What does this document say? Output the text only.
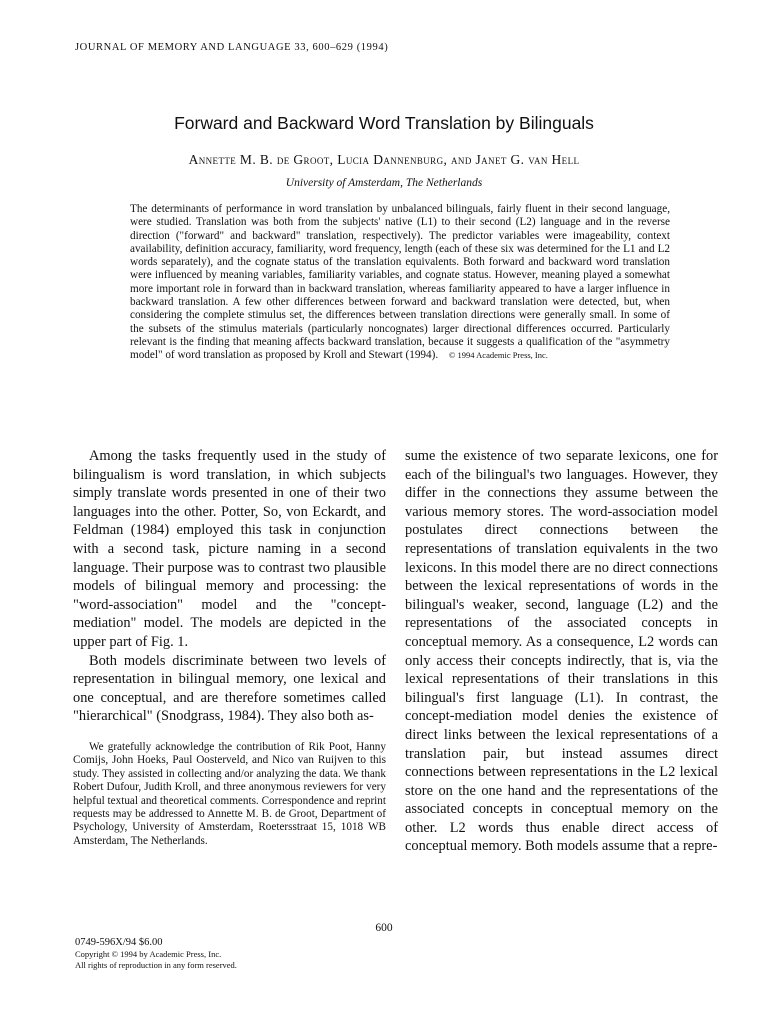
JOURNAL OF MEMORY AND LANGUAGE 33, 600–629 (1994)
Forward and Backward Word Translation by Bilinguals
Annette M. B. de Groot, Lucia Dannenburg, and Janet G. van Hell
University of Amsterdam, The Netherlands

The determinants of performance in word translation by unbalanced bilinguals, fairly fluent in their second language, were studied. Translation was both from the subjects' native (L1) to their second (L2) language and in the reverse direction ("forward" and backward" translation, respectively). The predictor variables were imageability, context availability, definition accuracy, familiarity, word frequency, length (each of these six was determined for the L1 and L2 words separately), and the cognate status of the translation equivalents. Both forward and backward word translation were influenced by meaning variables, familiarity variables, and cognate status. However, meaning played a somewhat more important role in forward than in backward translation, whereas familiarity appeared to have a larger influence in backward translation. A few other differences between forward and backward translation were detected, but, when considering the complete stimulus set, the differences between translation directions were generally small. In some of the subsets of the stimulus materials (particularly noncognates) larger directional differences occurred. Particularly relevant is the finding that meaning affects backward translation, because it suggests a qualification of the "asymmetry model" of word translation as proposed by Kroll and Stewart (1994). © 1994 Academic Press, Inc.

Among the tasks frequently used in the study of bilingualism is word translation, in which subjects simply translate words presented in one of their two languages into the other. Potter, So, von Eckardt, and Feldman (1984) employed this task in conjunction with a second task, picture naming in a second language. Their purpose was to contrast two plausible models of bilingual memory and processing: the "word-association" model and the "concept-mediation" model. The models are depicted in the upper part of Fig. 1.

Both models discriminate between two levels of representation in bilingual memory, one lexical and one conceptual, and are therefore sometimes called "hierarchical" (Snodgrass, 1984). They also both as-

We gratefully acknowledge the contribution of Rik Poot, Hanny Comijs, John Hoeks, Paul Oosterveld, and Nico van Ruijven to this study. They assisted in collecting and/or analyzing the data. We thank Robert Dufour, Judith Kroll, and three anonymous reviewers for very helpful textual and theoretical comments. Correspondence and reprint requests may be addressed to Annette M. B. de Groot, Department of Psychology, University of Amsterdam, Roetersstraat 15, 1018 WB Amsterdam, The Netherlands.

sume the existence of two separate lexicons, one for each of the bilingual's two languages. However, they differ in the connections they assume between the various memory stores. The word-association model postulates direct connections between the representations of translation equivalents in the two lexicons. In this model there are no direct connections between the lexical representations of words in the bilingual's weaker, second, language (L2) and the representations of the associated concepts in conceptual memory. As a consequence, L2 words can only access their concepts indirectly, that is, via the lexical representations of their translations in this bilingual's first language (L1). In contrast, the concept-mediation model denies the existence of direct links between the lexical representations of a translation pair, but instead assumes direct connections between representations in the L2 lexical store on the one hand and the representations of the associated concepts in conceptual memory on the other. L2 words thus enable direct access of conceptual memory. Both models assume that a repre-

600
0749-596X/94 $6.00
Copyright © 1994 by Academic Press, Inc.
All rights of reproduction in any form reserved.
